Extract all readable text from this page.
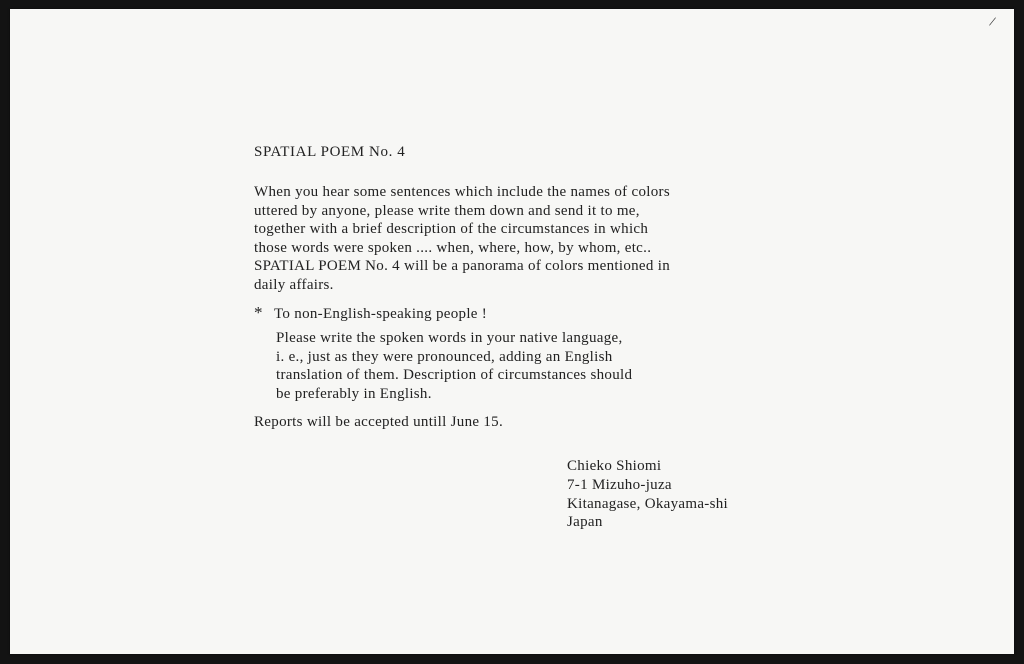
/
SPATIAL POEM No. 4
When you hear some sentences which include the names of colors
uttered by anyone, please write them down and send it to me,
together with a brief description of the circumstances in which
those words were spoken .... when, where, how, by whom, etc..
SPATIAL POEM No. 4 will be a panorama of colors mentioned in
daily affairs.
* To non-English-speaking people !
Please write the spoken words in your native language,
i. e., just as they were pronounced, adding an English
translation of them. Description of circumstances should
be preferably in English.
Reports will be accepted untill June 15.
Chieko Shiomi
7-1 Mizuho-juza
Kitanagase, Okayama-shi
Japan
